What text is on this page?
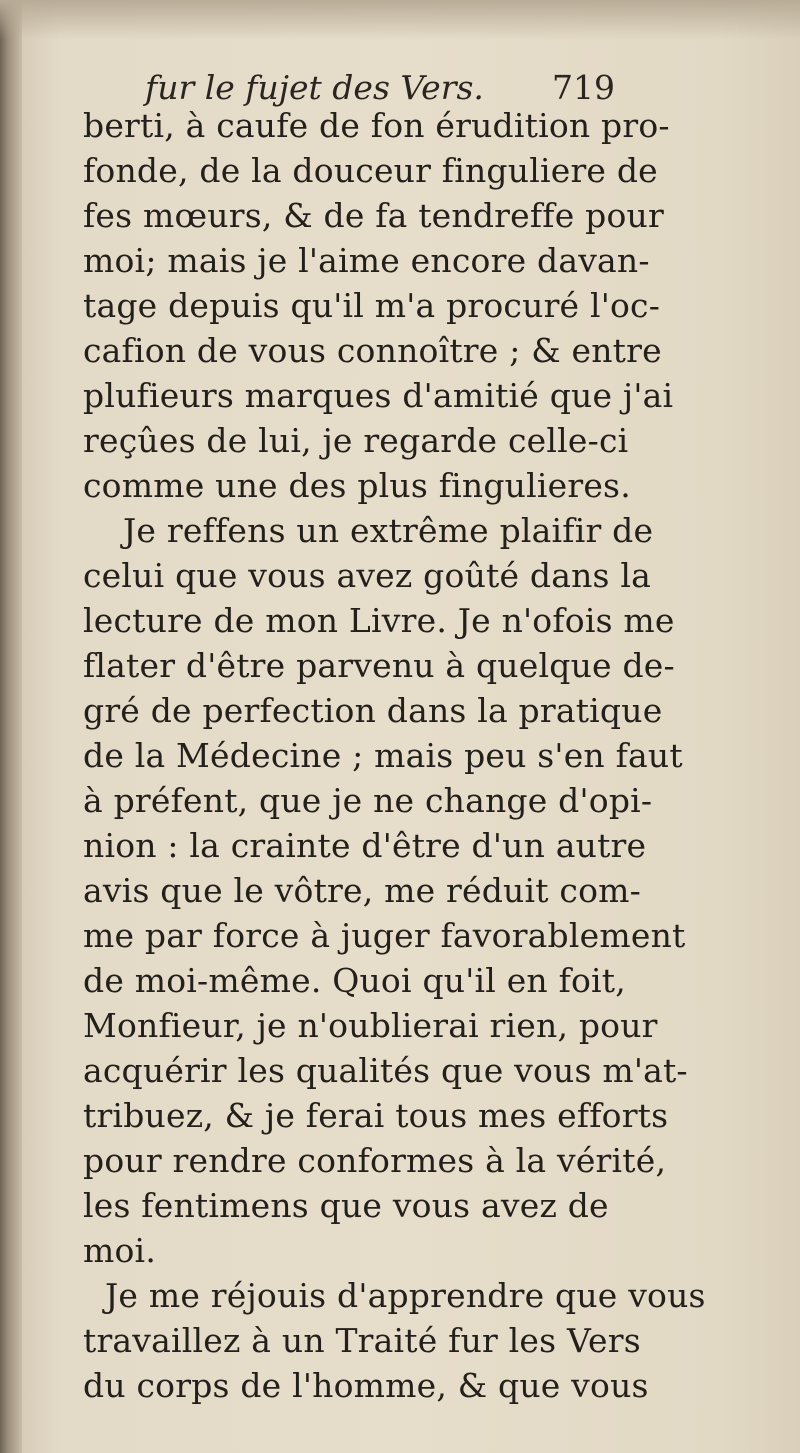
fur le fujet des Vers. 719
berti, à caufe de fon érudition pro-
fonde, de la douceur finguliere de
fes mœurs, & de fa tendreffe pour
moi; mais je l'aime encore davan-
tage depuis qu'il m'a procuré l'oc-
cafion de vous connoître ; & entre
plufieurs marques d'amitié que j'ai
reçûes de lui, je regarde celle-ci
comme une des plus fingulieres.
Je reffens un extrême plaifir de
celui que vous avez goûté dans la
lecture de mon Livre. Je n'ofois me
flater d'être parvenu à quelque de-
gré de perfection dans la pratique
de la Médecine ; mais peu s'en faut
à préfent, que je ne change d'opi-
nion : la crainte d'être d'un autre
avis que le vôtre, me réduit com-
me par force à juger favorablement
de moi-même. Quoi qu'il en foit,
Monfieur, je n'oublierai rien, pour
acquérir les qualités que vous m'at-
tribuez, & je ferai tous mes efforts
pour rendre conformes à la vérité,
les fentimens que vous avez de
moi.
Je me réjouis d'apprendre que vous
travaillez à un Traité fur les Vers
du corps de l'homme, & que vous
